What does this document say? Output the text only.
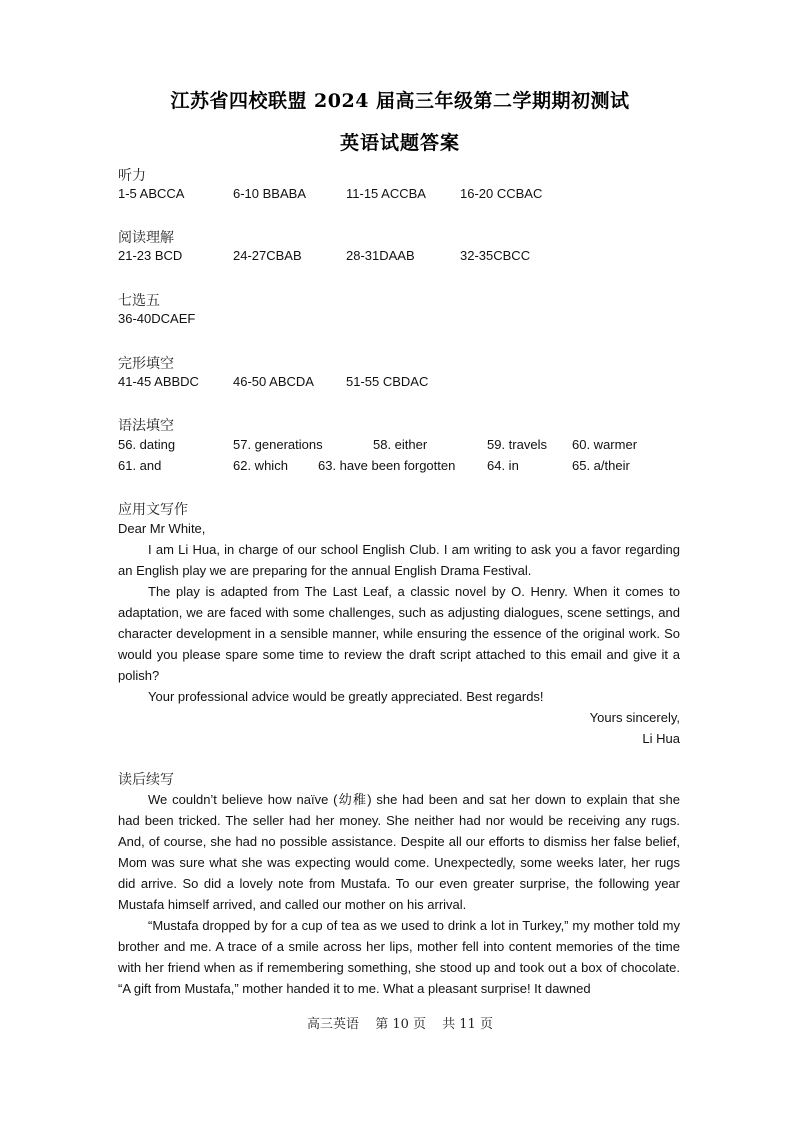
江苏省四校联盟 2024 届高三年级第二学期期初测试
英语试题答案
听力
1-5 ABCCA	6-10 BBABA	11-15 ACCBA	16-20 CCBAC
阅读理解
21-23 BCD	24-27CBAB	28-31DAAB	32-35CBCC
七选五
36-40DCAEF
完形填空
41-45 ABBDC	46-50 ABCDA 51-55 CBDAC
语法填空
56. dating	57. generations	58. either	59. travels 60. warmer
61. and	62. which 63. have been forgotten 64. in	65. a/their
应用文写作

Dear Mr White,

I am Li Hua, in charge of our school English Club. I am writing to ask you a favor regarding an English play we are preparing for the annual English Drama Festival.

The play is adapted from The Last Leaf, a classic novel by O. Henry. When it comes to adaptation, we are faced with some challenges, such as adjusting dialogues, scene settings, and character development in a sensible manner, while ensuring the essence of the original work. So would you please spare some time to review the draft script attached to this email and give it a polish?

Your professional advice would be greatly appreciated. Best regards!

Yours sincerely,

Li Hua

读后续写

We couldn’t believe how naïve (幼稚) she had been and sat her down to explain that she had been tricked. The seller had her money. She neither had nor would be receiving any rugs. And, of course, she had no possible assistance. Despite all our efforts to dismiss her false belief, Mom was sure what she was expecting would come. Unexpectedly, some weeks later, her rugs did arrive. So did a lovely note from Mustafa. To our even greater surprise, the following year Mustafa himself arrived, and called our mother on his arrival.

“Mustafa dropped by for a cup of tea as we used to drink a lot in Turkey,” my mother told my brother and me. A trace of a smile across her lips, mother fell into content memories of the time with her friend when as if remembering something, she stood up and took out a box of chocolate. “A gift from Mustafa,” mother handed it to me. What a pleasant surprise! It dawned

高三英语 第 10 页 共 11 页
